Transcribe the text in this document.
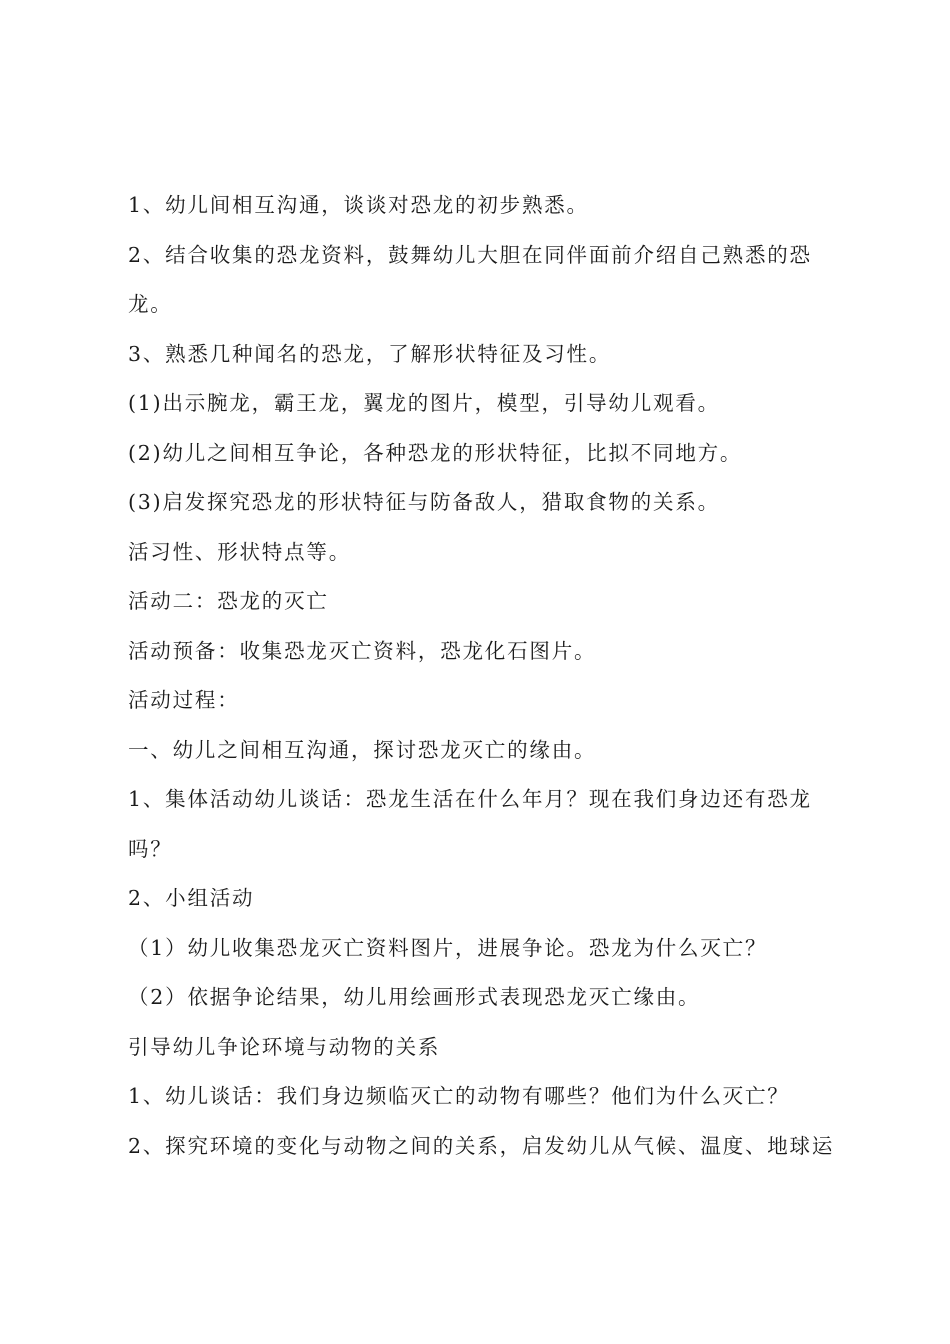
1、幼儿间相互沟通，谈谈对恐龙的初步熟悉。
2、结合收集的恐龙资料，鼓舞幼儿大胆在同伴面前介绍自己熟悉的恐
龙。
3、熟悉几种闻名的恐龙，了解形状特征及习性。
(1)出示腕龙，霸王龙，翼龙的图片，模型，引导幼儿观看。
(2)幼儿之间相互争论，各种恐龙的形状特征，比拟不同地方。
(3)启发探究恐龙的形状特征与防备敌人，猎取食物的关系。
活习性、形状特点等。
活动二：恐龙的灭亡
活动预备：收集恐龙灭亡资料，恐龙化石图片。
活动过程：
一、幼儿之间相互沟通，探讨恐龙灭亡的缘由。
1、集体活动幼儿谈话：恐龙生活在什么年月？现在我们身边还有恐龙
吗？
2、小组活动
（1）幼儿收集恐龙灭亡资料图片，进展争论。恐龙为什么灭亡？
（2）依据争论结果，幼儿用绘画形式表现恐龙灭亡缘由。
引导幼儿争论环境与动物的关系
1、幼儿谈话：我们身边频临灭亡的动物有哪些？他们为什么灭亡？
2、探究环境的变化与动物之间的关系，启发幼儿从气候、温度、地球运
